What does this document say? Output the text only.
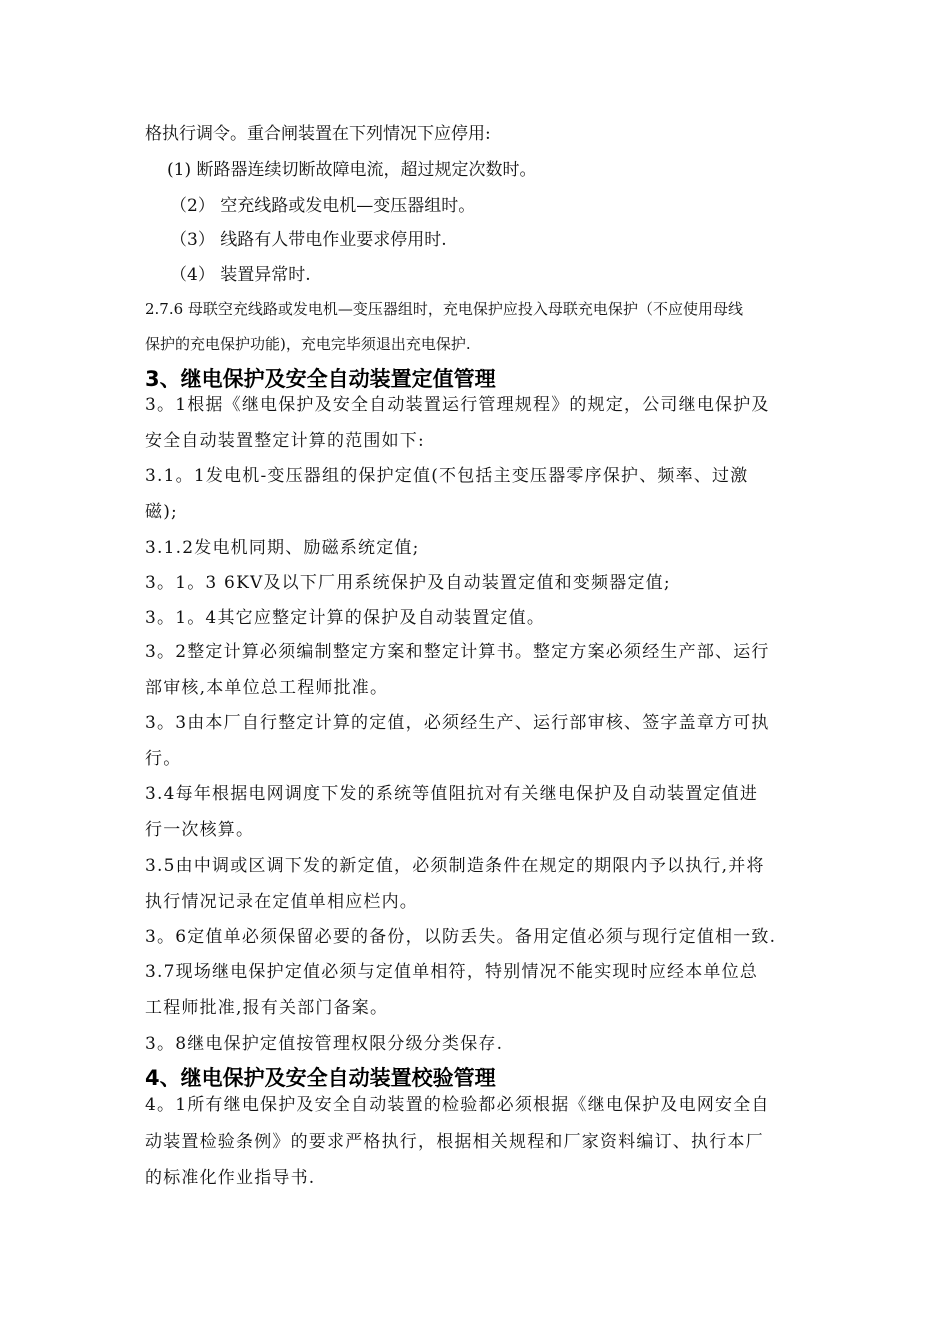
格执行调令。重合闸装置在下列情况下应停用:
(1) 断路器连续切断故障电流，超过规定次数时。
（2） 空充线路或发电机—变压器组时。
（3） 线路有人带电作业要求停用时.
（4） 装置异常时.
2.7.6 母联空充线路或发电机—变压器组时，充电保护应投入母联充电保护（不应使用母线
保护的充电保护功能)，充电完毕须退出充电保护.
3、继电保护及安全自动装置定值管理
3。1根据《继电保护及安全自动装置运行管理规程》的规定，公司继电保护及
安全自动装置整定计算的范围如下:
3.1。1发电机-变压器组的保护定值(不包括主变压器零序保护、频率、过激
磁);
3.1.2发电机同期、励磁系统定值;
3。1。3 6KV及以下厂用系统保护及自动装置定值和变频器定值;
3。1。4其它应整定计算的保护及自动装置定值。
3。2整定计算必须编制整定方案和整定计算书。整定方案必须经生产部、运行
部审核,本单位总工程师批准。
3。3由本厂自行整定计算的定值，必须经生产、运行部审核、签字盖章方可执
行。
3.4每年根据电网调度下发的系统等值阻抗对有关继电保护及自动装置定值进
行一次核算。
3.5由中调或区调下发的新定值，必须制造条件在规定的期限内予以执行,并将
执行情况记录在定值单相应栏内。
3。6定值单必须保留必要的备份，以防丢失。备用定值必须与现行定值相一致.
3.7现场继电保护定值必须与定值单相符，特别情况不能实现时应经本单位总
工程师批准,报有关部门备案。
3。8继电保护定值按管理权限分级分类保存.
4、继电保护及安全自动装置校验管理
4。1所有继电保护及安全自动装置的检验都必须根据《继电保护及电网安全自
动装置检验条例》的要求严格执行，根据相关规程和厂家资料编订、执行本厂
的标准化作业指导书.
